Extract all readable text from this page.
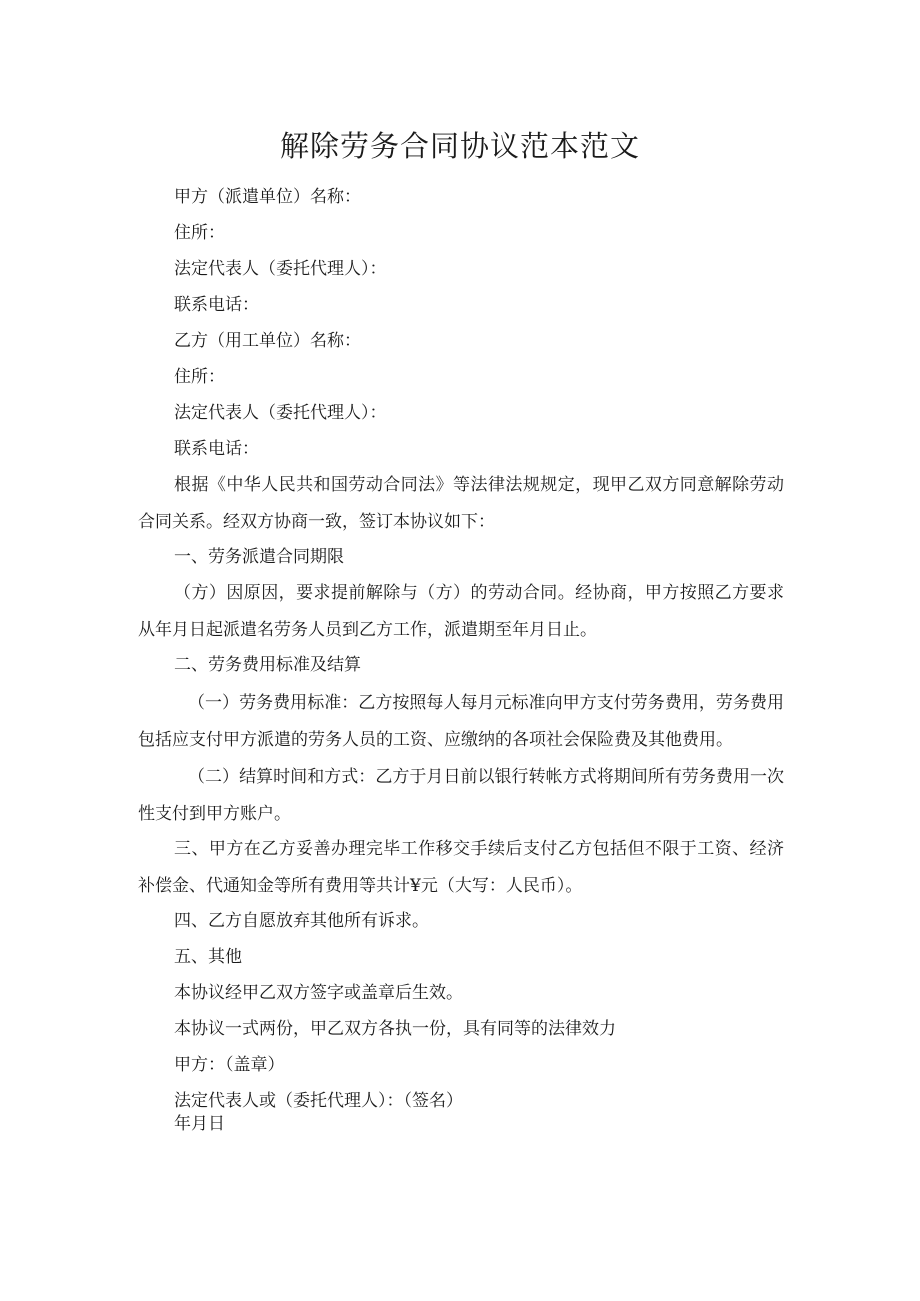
解除劳务合同协议范本范文
甲方（派遣单位）名称：
住所：
法定代表人（委托代理人）：
联系电话：
乙方（用工单位）名称：
住所：
法定代表人（委托代理人）：
联系电话：
根据《中华人民共和国劳动合同法》等法律法规规定，现甲乙双方同意解除劳动合同关系。经双方协商一致，签订本协议如下：
一、劳务派遣合同期限
（方）因原因，要求提前解除与（方）的劳动合同。经协商，甲方按照乙方要求从年月日起派遣名劳务人员到乙方工作，派遣期至年月日止。
二、劳务费用标准及结算
（一）劳务费用标准：乙方按照每人每月元标准向甲方支付劳务费用，劳务费用包括应支付甲方派遣的劳务人员的工资、应缴纳的各项社会保险费及其他费用。
（二）结算时间和方式：乙方于月日前以银行转帐方式将期间所有劳务费用一次性支付到甲方账户。
三、甲方在乙方妥善办理完毕工作移交手续后支付乙方包括但不限于工资、经济补偿金、代通知金等所有费用等共计¥元（大写：人民币）。
四、乙方自愿放弃其他所有诉求。
五、其他
本协议经甲乙双方签字或盖章后生效。
本协议一式两份，甲乙双方各执一份，具有同等的法律效力
甲方：（盖章）
法定代表人或（委托代理人）：（签名）
年月日
